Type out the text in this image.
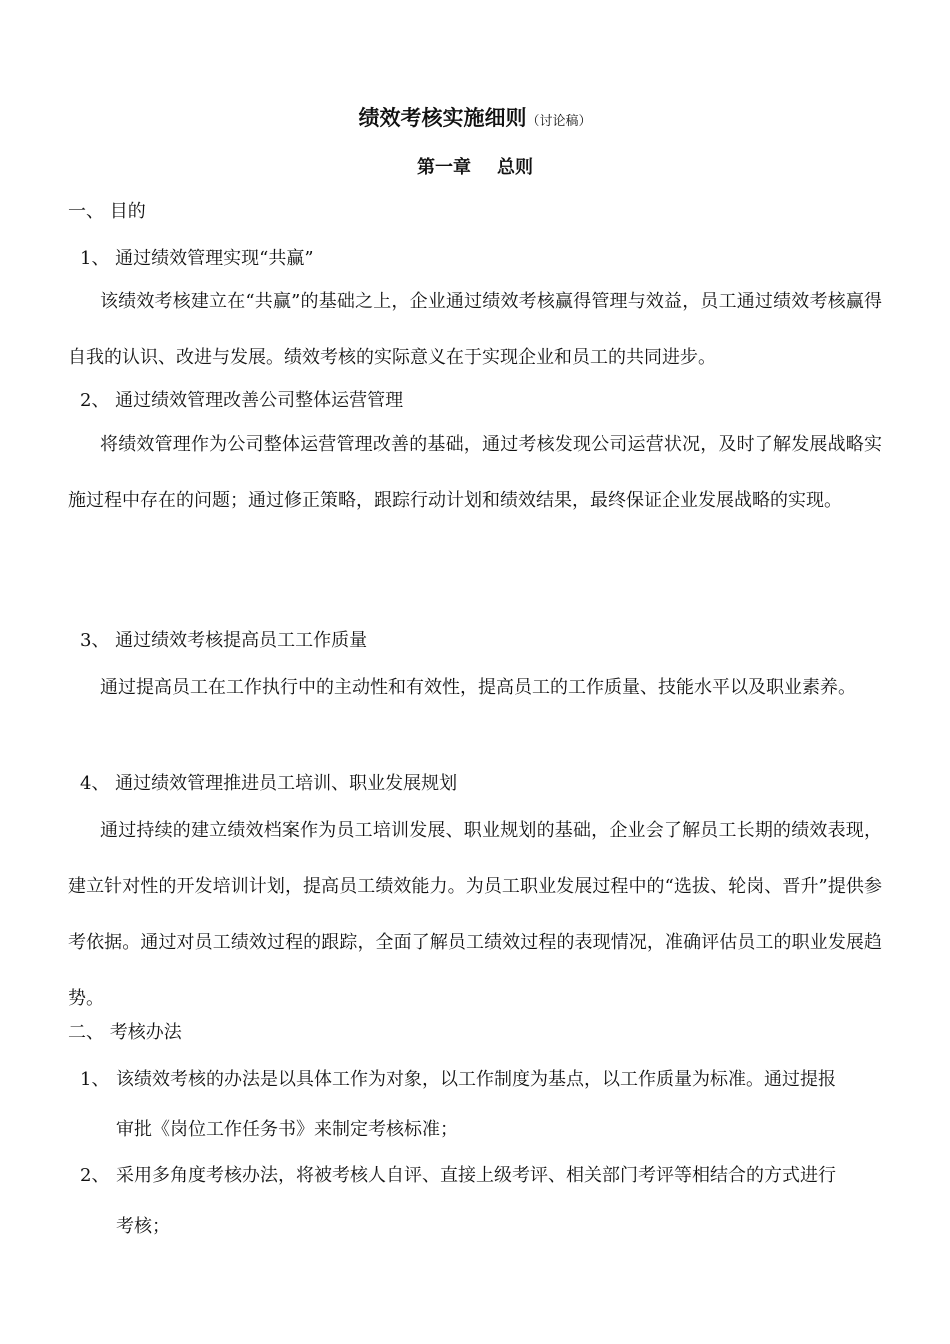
绩效考核实施细则（讨论稿）
第一章 总则
一、 目的
1、 通过绩效管理实现“共赢”
该绩效考核建立在“共赢”的基础之上，企业通过绩效考核赢得管理与效益，员工通过绩效考核赢得自我的认识、改进与发展。绩效考核的实际意义在于实现企业和员工的共同进步。
2、 通过绩效管理改善公司整体运营管理
将绩效管理作为公司整体运营管理改善的基础，通过考核发现公司运营状况，及时了解发展战略实施过程中存在的问题；通过修正策略，跟踪行动计划和绩效结果，最终保证企业发展战略的实现。
3、 通过绩效考核提高员工工作质量
通过提高员工在工作执行中的主动性和有效性，提高员工的工作质量、技能水平以及职业素养。
4、 通过绩效管理推进员工培训、职业发展规划
通过持续的建立绩效档案作为员工培训发展、职业规划的基础，企业会了解员工长期的绩效表现，建立针对性的开发培训计划，提高员工绩效能力。为员工职业发展过程中的“选拔、轮岗、晋升”提供参考依据。通过对员工绩效过程的跟踪，全面了解员工绩效过程的表现情况，准确评估员工的职业发展趋势。
二、 考核办法
1、 该绩效考核的办法是以具体工作为对象，以工作制度为基点，以工作质量为标准。通过提报
审批《岗位工作任务书》来制定考核标准；
2、 采用多角度考核办法，将被考核人自评、直接上级考评、相关部门考评等相结合的方式进行
考核；
